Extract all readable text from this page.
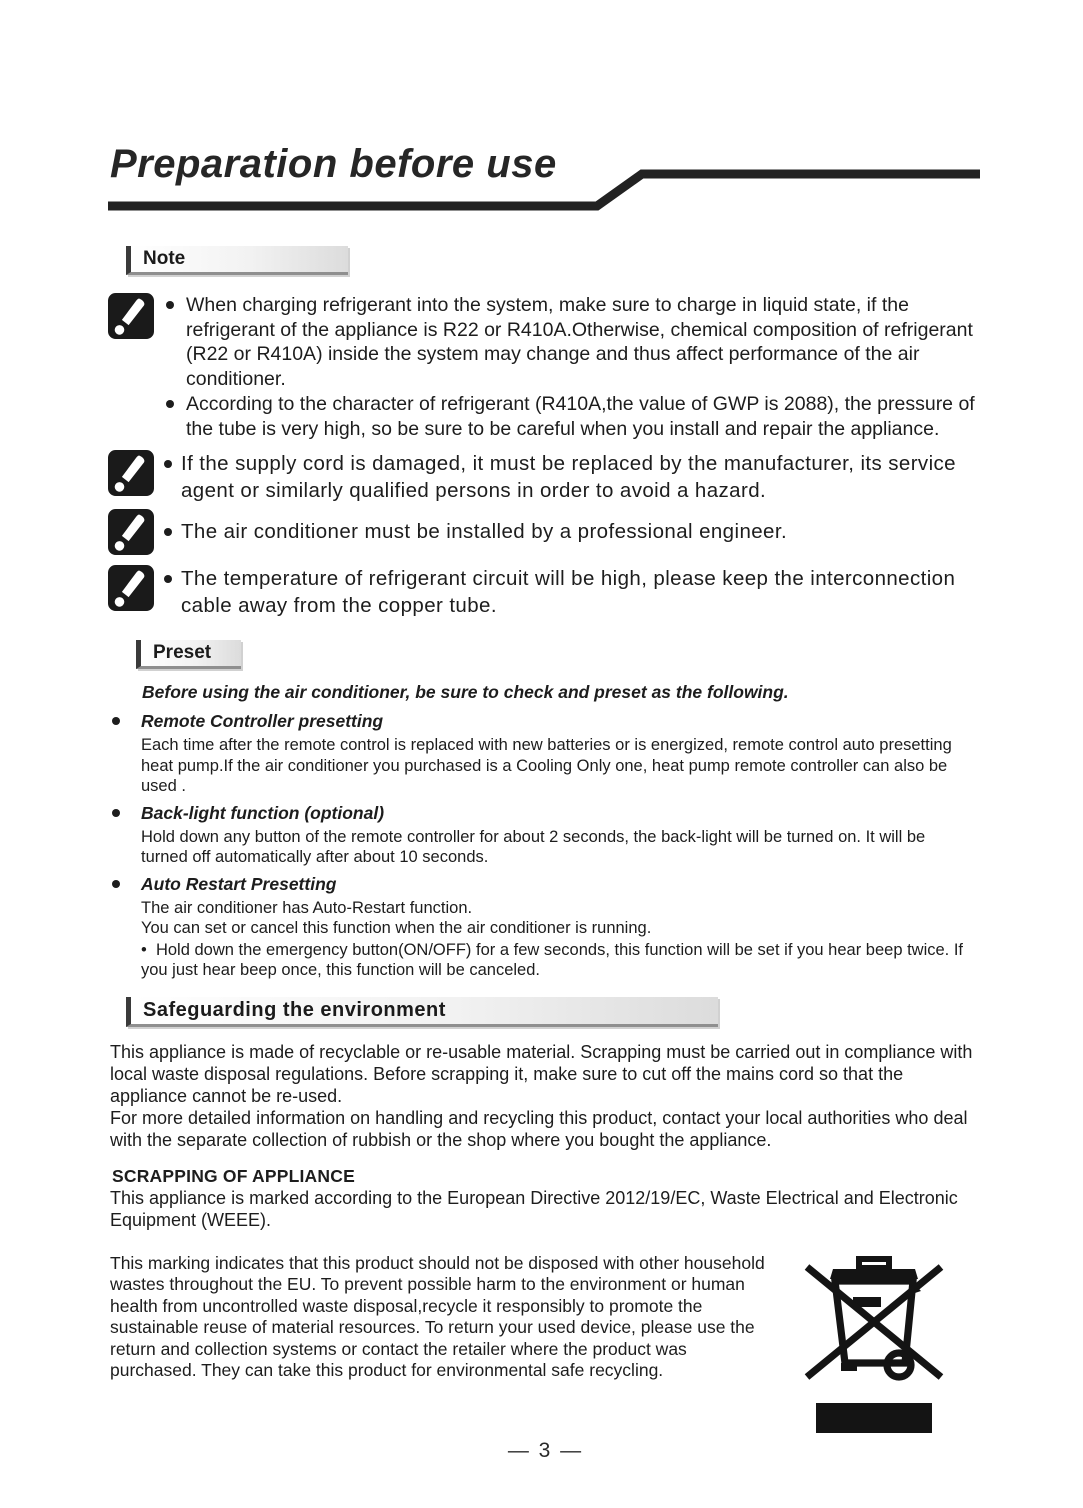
Preparation before use
Note
When charging refrigerant into the system, make sure to charge in liquid state, if the refrigerant of the appliance is R22 or R410A.Otherwise, chemical composition of refrigerant (R22 or R410A) inside the system may change and thus affect performance of the air conditioner.
According to the character of refrigerant (R410A,the value of GWP is 2088), the pressure of the tube is very high, so be sure to be careful when you install and repair the appliance.
If the supply cord is damaged, it must be replaced by the manufacturer, its service agent or similarly qualified persons in order to avoid a hazard.
The air conditioner must be installed by a professional engineer.
The temperature of refrigerant circuit will be high, please keep the interconnection cable away from the copper tube.
Preset

Before using the air conditioner, be sure to check and preset as the following.

Remote Controller presetting

Each time after the remote control is replaced with new batteries or is energized, remote control auto presetting heat pump.If the air conditioner you purchased is a Cooling Only one, heat pump remote controller can also be used .

Back-light function (optional)

Hold down any button of the remote controller for about 2 seconds, the back-light will be turned on. It will be turned off automatically after about 10 seconds.

Auto Restart Presetting

The air conditioner has Auto-Restart function.

You can set or cancel this function when the air conditioner is running.

•  Hold down the emergency button(ON/OFF) for a few seconds, this function will be set if you hear beep twice. If you just hear beep once, this function will be canceled.
Safeguarding the environment

This appliance is made of recyclable or re-usable material. Scrapping must be carried out in compliance with local waste disposal regulations. Before scrapping it, make sure to cut off the mains cord so that the appliance cannot be re-used.

For more detailed information on handling and recycling this product, contact your local authorities who deal with the separate collection of rubbish or the shop where you bought the appliance.

SCRAPPING OF APPLIANCE

This appliance is marked according to the European Directive 2012/19/EC, Waste Electrical and Electronic Equipment (WEEE).

This marking indicates that this product should not be disposed with other household wastes throughout the EU. To prevent possible harm to the environment or human health from uncontrolled waste disposal,recycle it responsibly to promote the sustainable reuse of material resources. To return your used device, please use the return and collection systems or contact the retailer where the product was purchased. They can take this product for environmental safe recycling.

— 3 —
